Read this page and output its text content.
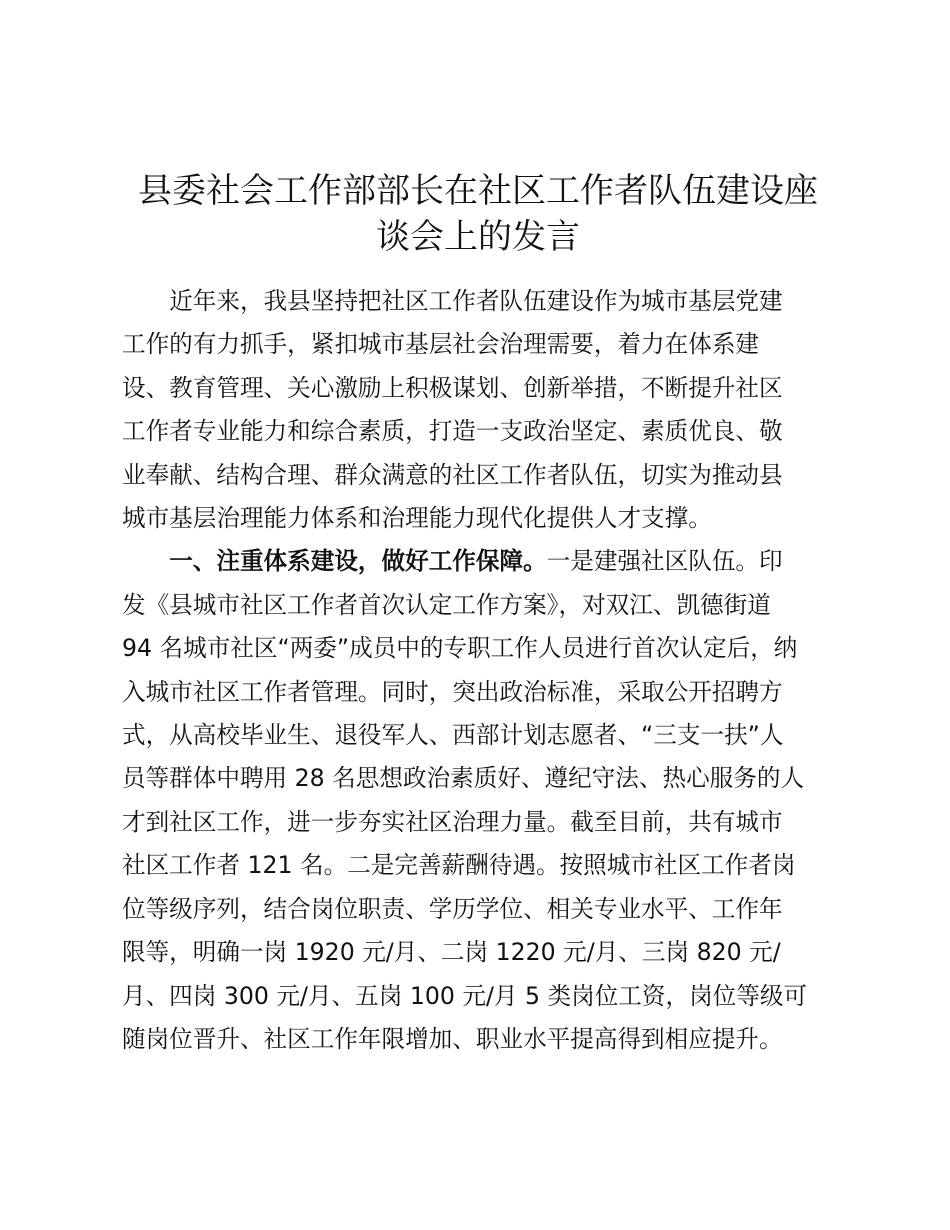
县委社会工作部部长在社区工作者队伍建设座
谈会上的发言

近年来，我县坚持把社区工作者队伍建设作为城市基层党建
工作的有力抓手，紧扣城市基层社会治理需要，着力在体系建
设、教育管理、关心激励上积极谋划、创新举措，不断提升社区
工作者专业能力和综合素质，打造一支政治坚定、素质优良、敬
业奉献、结构合理、群众满意的社区工作者队伍，切实为推动县
城市基层治理能力体系和治理能力现代化提供人才支撑。

一、注重体系建设，做好工作保障。一是建强社区队伍。印
发《县城市社区工作者首次认定工作方案》，对双江、凯德街道
94 名城市社区“两委”成员中的专职工作人员进行首次认定后，纳
入城市社区工作者管理。同时，突出政治标准，采取公开招聘方
式，从高校毕业生、退役军人、西部计划志愿者、“三支一扶”人
员等群体中聘用 28 名思想政治素质好、遵纪守法、热心服务的人
才到社区工作，进一步夯实社区治理力量。截至目前，共有城市
社区工作者 121 名。二是完善薪酬待遇。按照城市社区工作者岗
位等级序列，结合岗位职责、学历学位、相关专业水平、工作年
限等，明确一岗 1920 元/月、二岗 1220 元/月、三岗 820 元/
月、四岗 300 元/月、五岗 100 元/月 5 类岗位工资，岗位等级可
随岗位晋升、社区工作年限增加、职业水平提高得到相应提升。
